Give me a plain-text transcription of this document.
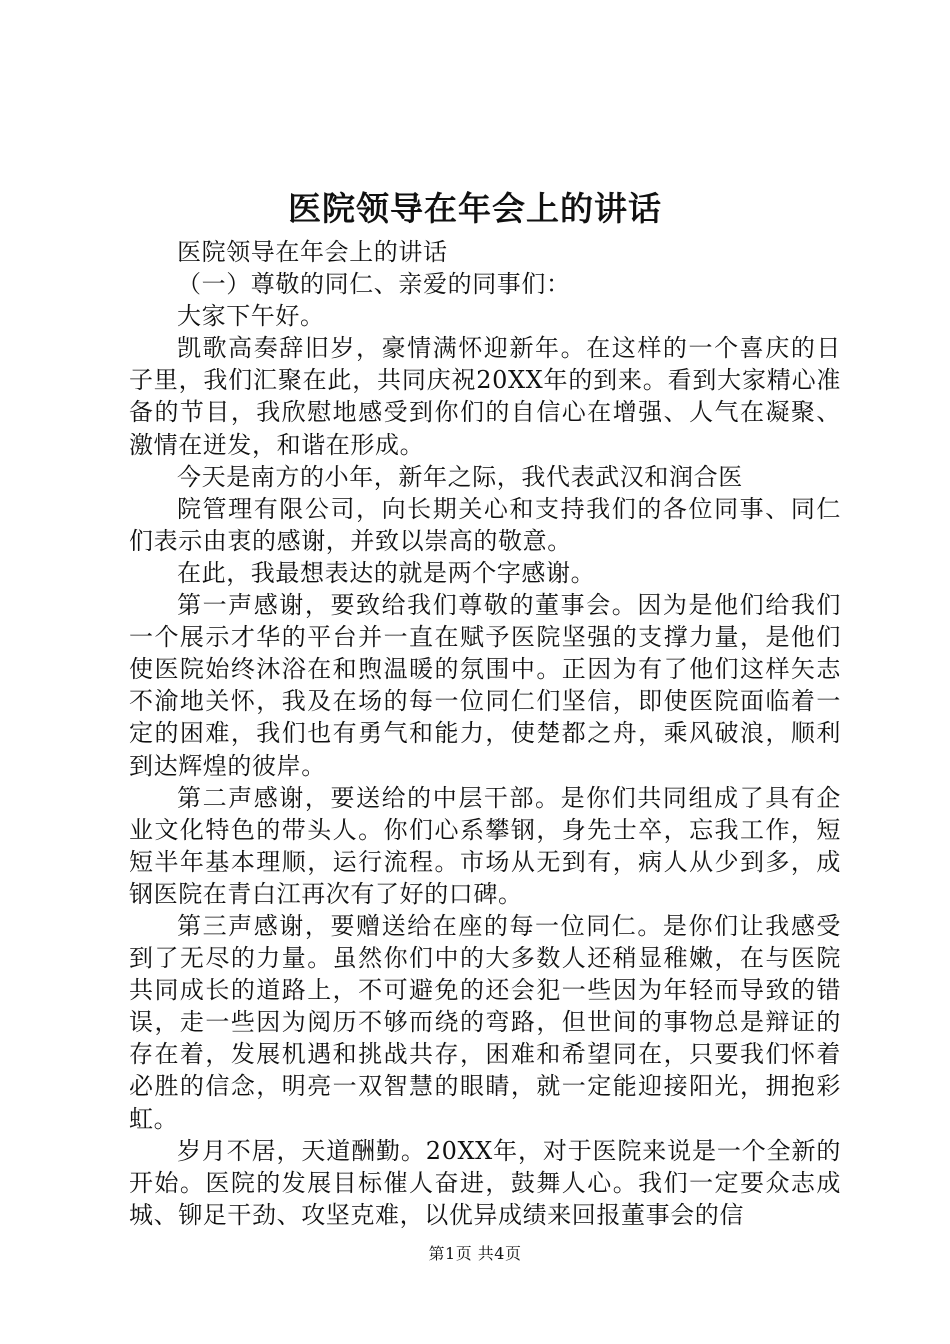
医院领导在年会上的讲话

医院领导在年会上的讲话

（一）尊敬的同仁、亲爱的同事们：

大家下午好。

凯歌高奏辞旧岁，豪情满怀迎新年。在这样的一个喜庆的日子里，我们汇聚在此，共同庆祝20XX年的到来。看到大家精心准备的节目，我欣慰地感受到你们的自信心在增强、人气在凝聚、激情在迸发，和谐在形成。

今天是南方的小年，新年之际，我代表武汉和润合医

院管理有限公司，向长期关心和支持我们的各位同事、同仁们表示由衷的感谢，并致以崇高的敬意。

在此，我最想表达的就是两个字感谢。

第一声感谢，要致给我们尊敬的董事会。因为是他们给我们一个展示才华的平台并一直在赋予医院坚强的支撑力量，是他们使医院始终沐浴在和煦温暖的氛围中。正因为有了他们这样矢志不渝地关怀，我及在场的每一位同仁们坚信，即使医院面临着一定的困难，我们也有勇气和能力，使楚都之舟，乘风破浪，顺利到达辉煌的彼岸。

第二声感谢，要送给的中层干部。是你们共同组成了具有企业文化特色的带头人。你们心系攀钢，身先士卒，忘我工作，短短半年基本理顺，运行流程。市场从无到有，病人从少到多，成钢医院在青白江再次有了好的口碑。

第三声感谢，要赠送给在座的每一位同仁。是你们让我感受到了无尽的力量。虽然你们中的大多数人还稍显稚嫩，在与医院共同成长的道路上，不可避免的还会犯一些因为年轻而导致的错误，走一些因为阅历不够而绕的弯路，但世间的事物总是辩证的存在着，发展机遇和挑战共存，困难和希望同在，只要我们怀着必胜的信念，明亮一双智慧的眼睛，就一定能迎接阳光，拥抱彩虹。

岁月不居，天道酬勤。20XX年，对于医院来说是一个全新的开始。医院的发展目标催人奋进，鼓舞人心。我们一定要众志成城、铆足干劲、攻坚克难，以优异成绩来回报董事会的信

第1页 共4页
